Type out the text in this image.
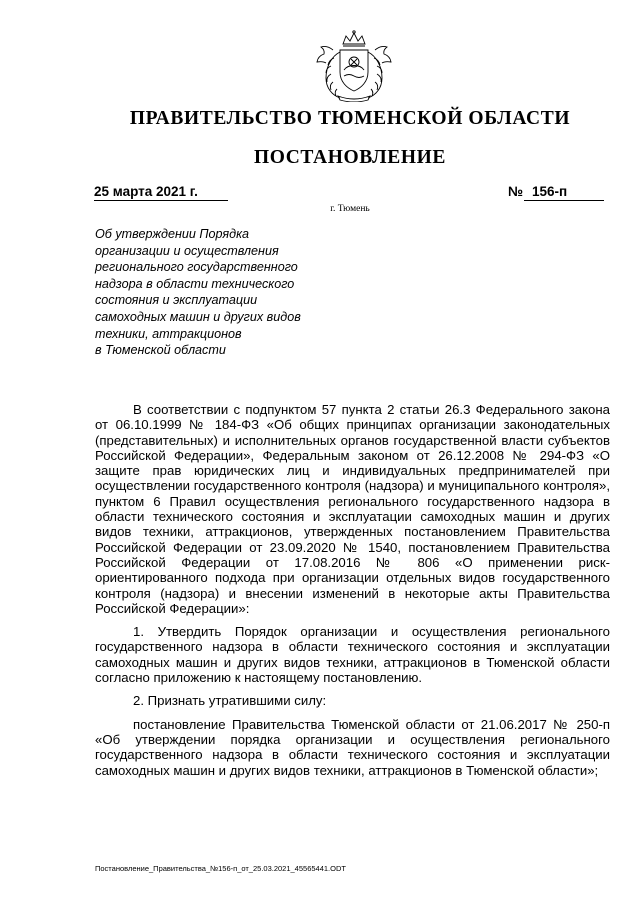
ПРАВИТЕЛЬСТВО ТЮМЕНСКОЙ ОБЛАСТИ
ПОСТАНОВЛЕНИЕ
25 марта 2021 г.	№ 156-п
г. Тюмень
Об утверждении Порядка
организации и осуществления
регионального государственного
надзора в области технического
состояния и эксплуатации
самоходных машин и других видов
техники, аттракционов
в Тюменской области

В соответствии с подпунктом 57 пункта 2 статьи 26.3 Федерального закона от 06.10.1999 № 184-ФЗ «Об общих принципах организации законодательных (представительных) и исполнительных органов государственной власти субъектов Российской Федерации», Федеральным законом от 26.12.2008 № 294-ФЗ «О защите прав юридических лиц и индивидуальных предпринимателей при осуществлении государственного контроля (надзора) и муниципального контроля», пунктом 6 Правил осуществления регионального государственного надзора в области технического состояния и эксплуатации самоходных машин и других видов техники, аттракционов, утвержденных постановлением Правительства Российской Федерации от 23.09.2020 № 1540, постановлением Правительства Российской Федерации от 17.08.2016 № 806 «О применении риск-ориентированного подхода при организации отдельных видов государственного контроля (надзора) и внесении изменений в некоторые акты Правительства Российской Федерации»:

1. Утвердить Порядок организации и осуществления регионального государственного надзора в области технического состояния и эксплуатации самоходных машин и других видов техники, аттракционов в Тюменской области согласно приложению к настоящему постановлению.

2. Признать утратившими силу:

постановление Правительства Тюменской области от 21.06.2017 № 250-п «Об утверждении порядка организации и осуществления регионального государственного надзора в области технического состояния и эксплуатации самоходных машин и других видов техники, аттракционов в Тюменской области»;

Постановление_Правительства_№156-п_от_25.03.2021_45565441.ODT
